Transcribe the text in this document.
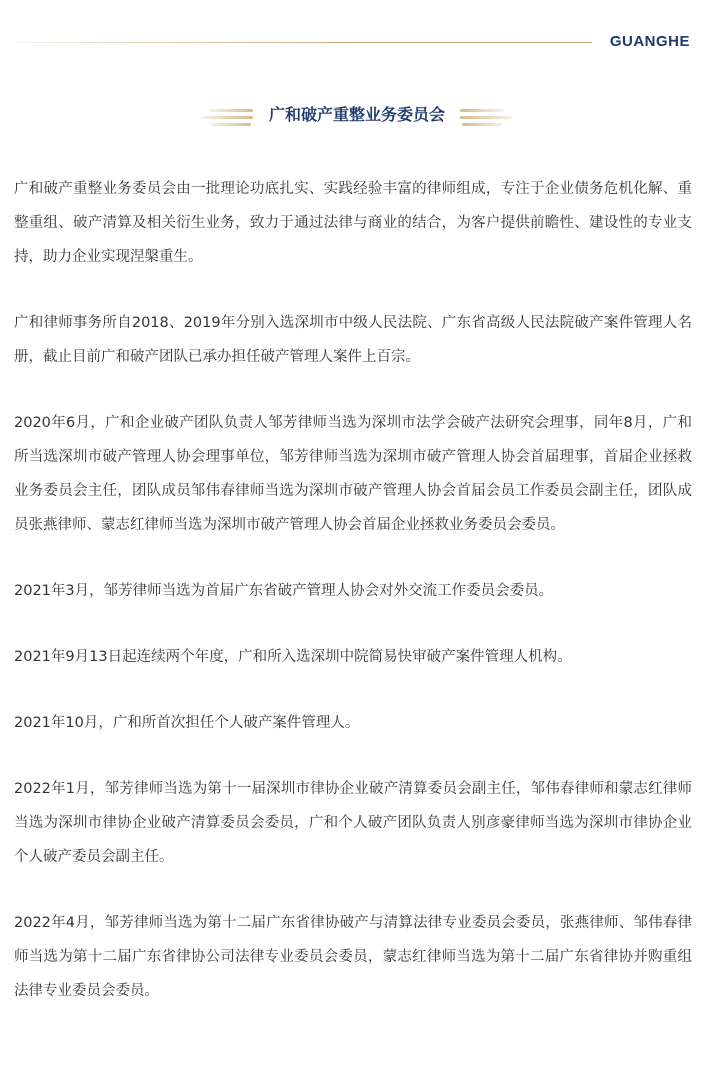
GUANGHE
广和破产重整业务委员会

广和破产重整业务委员会由一批理论功底扎实、实践经验丰富的律师组成，专注于企业债务危机化解、重整重组、破产清算及相关衍生业务，致力于通过法律与商业的结合，为客户提供前瞻性、建设性的专业支持，助力企业实现涅槃重生。

广和律师事务所自2018、2019年分别入选深圳市中级人民法院、广东省高级人民法院破产案件管理人名册，截止目前广和破产团队已承办担任破产管理人案件上百宗。

2020年6月，广和企业破产团队负责人邹芳律师当选为深圳市法学会破产法研究会理事，同年8月，广和所当选深圳市破产管理人协会理事单位，邹芳律师当选为深圳市破产管理人协会首届理事，首届企业拯救业务委员会主任，团队成员邹伟春律师当选为深圳市破产管理人协会首届会员工作委员会副主任，团队成员张燕律师、蒙志红律师当选为深圳市破产管理人协会首届企业拯救业务委员会委员。

2021年3月，邹芳律师当选为首届广东省破产管理人协会对外交流工作委员会委员。

2021年9月13日起连续两个年度，广和所入选深圳中院简易快审破产案件管理人机构。

2021年10月，广和所首次担任个人破产案件管理人。

2022年1月，邹芳律师当选为第十一届深圳市律协企业破产清算委员会副主任，邹伟春律师和蒙志红律师当选为深圳市律协企业破产清算委员会委员，广和个人破产团队负责人别彦豪律师当选为深圳市律协企业个人破产委员会副主任。

2022年4月，邹芳律师当选为第十二届广东省律协破产与清算法律专业委员会委员，张燕律师、邹伟春律师当选为第十二届广东省律协公司法律专业委员会委员，蒙志红律师当选为第十二届广东省律协并购重组法律专业委员会委员。
